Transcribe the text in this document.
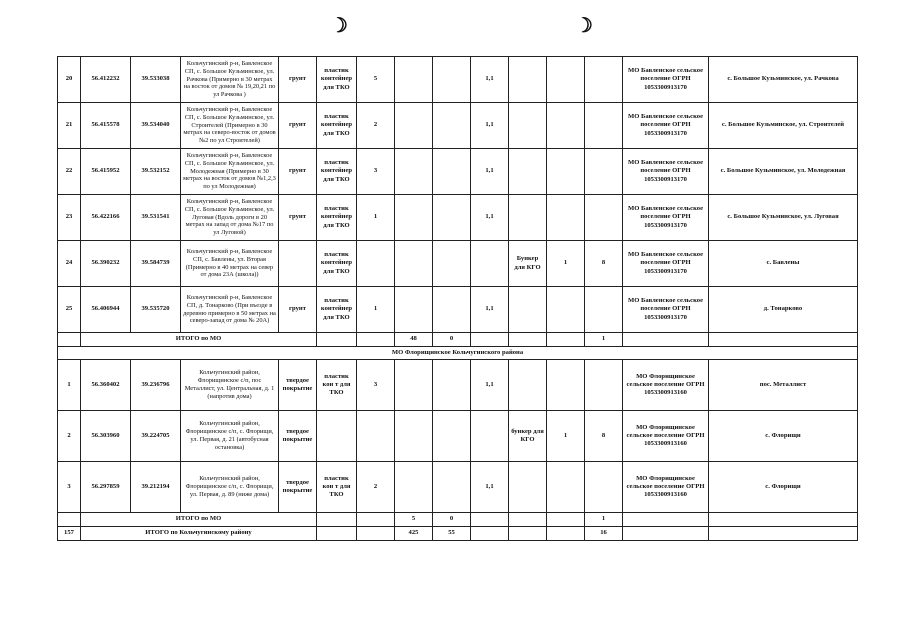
☽	☽
20	56.412232	39.533038	Кольчугинский р-н, Бавленское СП, с. Большое Кузьминское, ул. Рачкова (Примерно в 30 метрах на восток от домов № 19,20,21 по ул Рачкова )	грунт	пластик контейнер для ТКО	5			1,1				МО Бавленское сельское поселение ОГРН 1053300913170	с. Большое Кузьминское, ул. Рачкова	
21	56.415578	39.534040	Кольчугинский р-н, Бавленское СП, с. Большое Кузьминское, ул. Строителей (Примерно в 30 метрах на северо-восток от домов №2 по ул Строителей)	грунт	пластик контейнер для ТКО	2			1,1				МО Бавленское сельское поселение ОГРН 1053300913170	с. Большое Кузьминское, ул. Строителей	
22	56.415952	39.532152	Кольчугинский р-н, Бавленское СП, с. Большое Кузьминское, ул. Молодежная (Примерно в 30 метрах на восток от домов №1,2,3 по ул Молодежная)	грунт	пластик контейнер для ТКО	3			1,1				МО Бавленское сельское поселение ОГРН 1053300913170	с. Большое Кузьминское, ул. Молодежная	
23	56.422166	39.531541	Кольчугинский р-н, Бавленское СП, с. Большое Кузьминское, ул. Луговая (Вдоль дороги в 20 метрах на запад от дома №17 по ул Луговой)	грунт	пластик контейнер для ТКО	1			1,1				МО Бавленское сельское поселение ОГРН 1053300913170	с. Большое Кузьминское, ул. Луговая	
24	56.390232	39.584739	Кольчугинский р-н, Бавленское СП, с. Бавлены, ул. Вторая (Примерно в 40 метрах на север от дома 23А (школа))		пластик контейнер для ТКО					Бункер для КГО	1	8	МО Бавленское сельское поселение ОГРН 1053300913170	с. Бавлены	
25	56.406944	39.535720	Кольчугинский р-н, Бавленское СП, д. Тонарково (При въезде в деревню примерно в 50 метрах на северо-запад от дома № 20А)	грунт	пластик контейнер для ТКО	1			1,1				МО Бавленское сельское поселение ОГРН 1053300913170	д. Тонарково	
	ИТОГО по МО						48	0				1			
МО Флорищинское Кольчугинского района															
1	56.360402	39.236796	Кольчугинский район, Флорищинское с/п, пос Металлист, ул. Центральная, д. 1 (напротив дома)	твердое покрытие	пластик кон т для ТКО	3			1,1				МО Флорищинское сельское поселение ОГРН 1053300913160	пос. Металлист	
2	56.303960	39.224705	Кольчугинский район, Флорищинское с/п, с. Флорищи, ул. Первая, д. 21 (автобусная остановка)	твердое покрытие						бункер для КГО	1	8	МО Флорищинское сельское поселение ОГРН 1053300913160	с. Флорищи	
3	56.297859	39.212194	Кольчугинский район, Флорищинское с/п, с. Флорищи, ул. Первая, д. 89 (ниже дома)	твердое покрытие	пластик кон т для ТКО	2			1,1				МО Флорищинское сельское поселение ОГРН 1053300913160	с. Флорищи	
	ИТОГО по МО						5	0				1			
157	ИТОГО по Кольчугинскому району						425	55				16			
